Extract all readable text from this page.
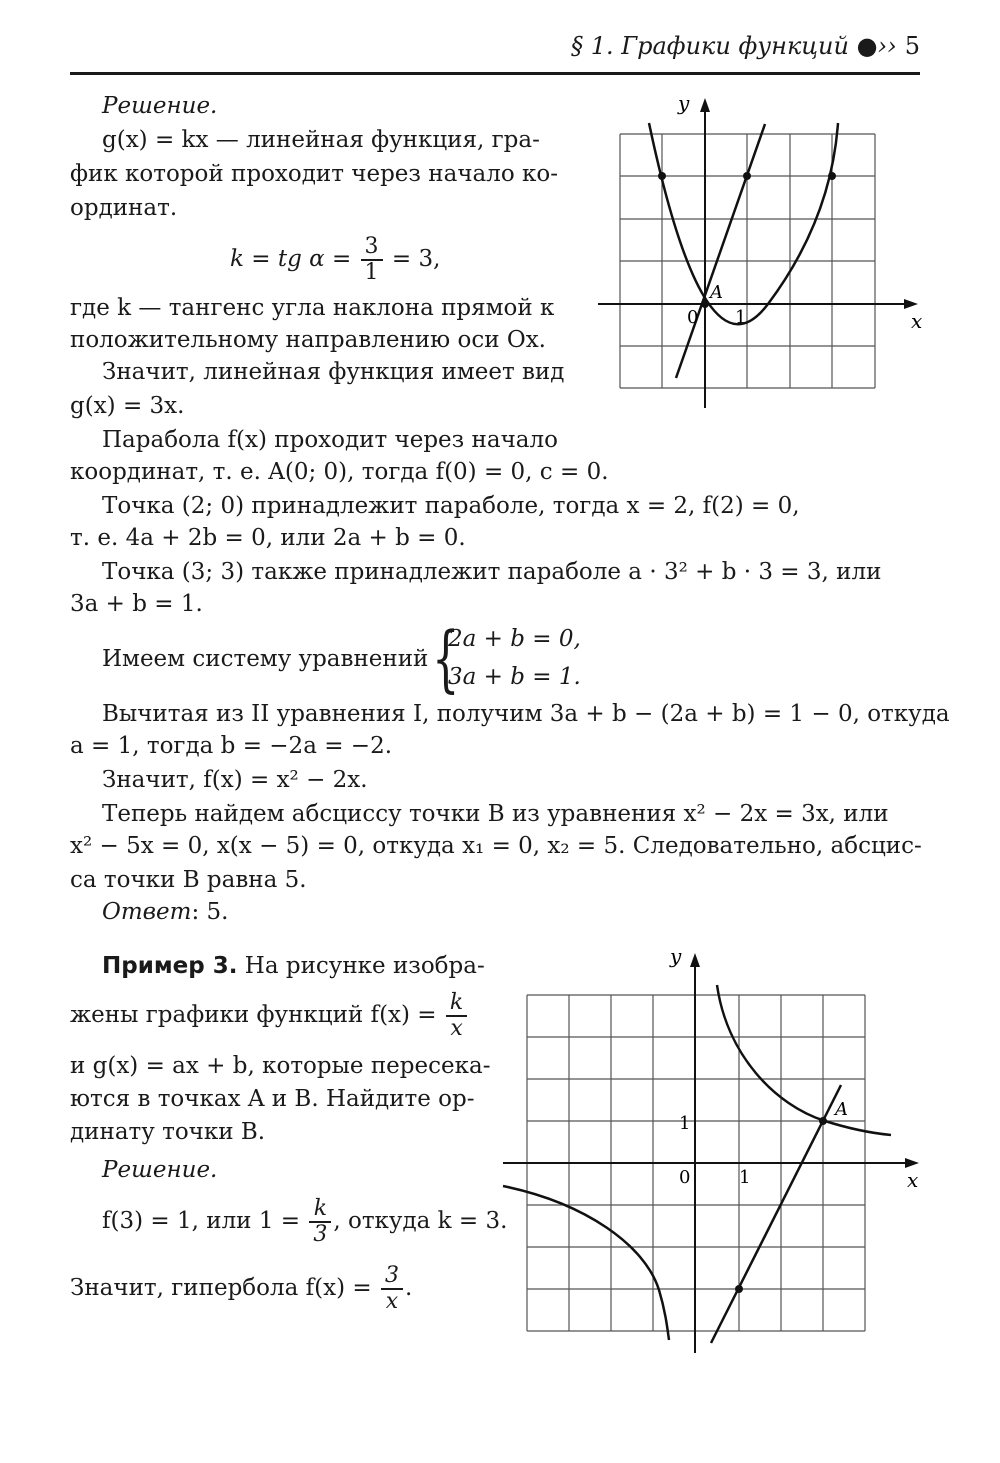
§ 1. Графики функций ●›› 5
Решение.
g(x) = kx — линейная функция, гра-
фик которой проходит через начало ко-
ординат.
k = tg $\alpha = \frac{3}{1} = 3$,
где k — тангенс угла наклона прямой к
положительному направлению оси Ox.
Значит, линейная функция имеет вид
g(x) = 3x.
Парабола f(x) проходит через начало
координат, т. е. A(0; 0), тогда f(0) = 0, c = 0.
Точка (2; 0) принадлежит параболе, тогда x = 2, f(2) = 0,
т. е. 4a + 2b = 0, или 2a + b = 0.
Точка (3; 3) также принадлежит параболе a · 3² + b · 3 = 3, или
3a + b = 1.
Имеем систему уравнений {
2a + b = 0,
3a + b = 1.
Вычитая из II уравнения I, получим 3a + b − (2a + b) = 1 − 0, откуда
a = 1, тогда b = −2a = −2.
Значит, f(x) = x² − 2x.
Теперь найдем абсциссу точки B из уравнения x² − 2x = 3x, или
x² − 5x = 0, x(x − 5) = 0, откуда x₁ = 0, x₂ = 5. Следовательно, абсцис-
са точки B равна 5.
Ответ: 5.
Пример 3. На рисунке изобра-
жены графики функций $f(x) = \frac{k}{x}$
и g(x) = ax + b, которые пересека-
ются в точках A и B. Найдите ор-
динату точки B.
Решение.
f(3) = 1, или $1 = \frac{k}{3}$ , откуда k = 3.
Значит, гипербола $f(x) = \frac{3}{x}$ .
x
y
0 1
A
x
y
0	1
1
A
